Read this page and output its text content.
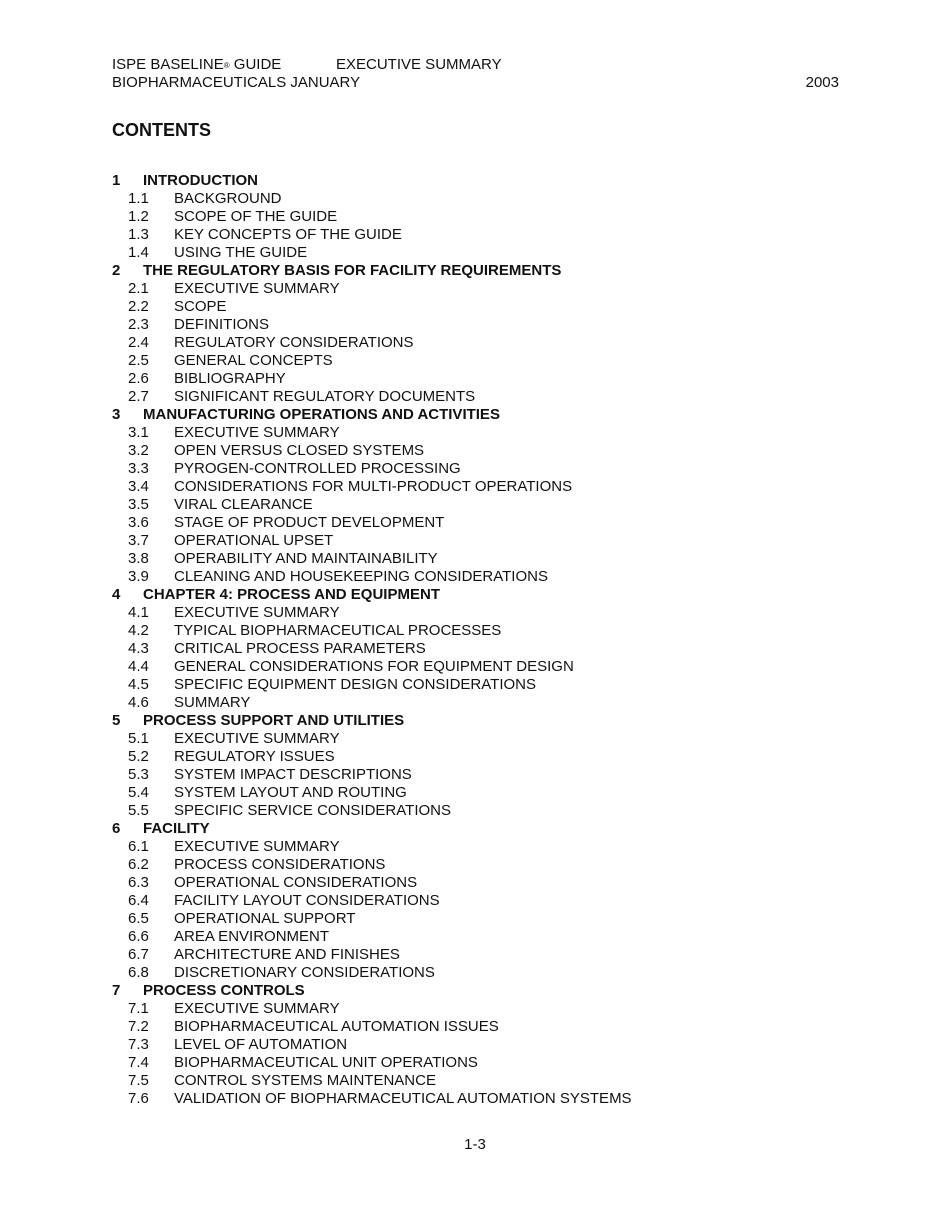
ISPE BASELINE® GUIDE	EXECUTIVE SUMMARY
BIOPHARMACEUTICALS JANUARY	2003
CONTENTS
1 INTRODUCTION
1.1 BACKGROUND
1.2 SCOPE OF THE GUIDE
1.3 KEY CONCEPTS OF THE GUIDE
1.4 USING THE GUIDE
2 THE REGULATORY BASIS FOR FACILITY REQUIREMENTS
2.1 EXECUTIVE SUMMARY
2.2 SCOPE
2.3 DEFINITIONS
2.4 REGULATORY CONSIDERATIONS
2.5 GENERAL CONCEPTS
2.6 BIBLIOGRAPHY
2.7 SIGNIFICANT REGULATORY DOCUMENTS
3 MANUFACTURING OPERATIONS AND ACTIVITIES
3.1 EXECUTIVE SUMMARY
3.2 OPEN VERSUS CLOSED SYSTEMS
3.3 PYROGEN-CONTROLLED PROCESSING
3.4 CONSIDERATIONS FOR MULTI-PRODUCT OPERATIONS
3.5 VIRAL CLEARANCE
3.6 STAGE OF PRODUCT DEVELOPMENT
3.7 OPERATIONAL UPSET
3.8 OPERABILITY AND MAINTAINABILITY
3.9 CLEANING AND HOUSEKEEPING CONSIDERATIONS
4 CHAPTER 4: PROCESS AND EQUIPMENT
4.1 EXECUTIVE SUMMARY
4.2 TYPICAL BIOPHARMACEUTICAL PROCESSES
4.3 CRITICAL PROCESS PARAMETERS
4.4 GENERAL CONSIDERATIONS FOR EQUIPMENT DESIGN
4.5 SPECIFIC EQUIPMENT DESIGN CONSIDERATIONS
4.6 SUMMARY
5 PROCESS SUPPORT AND UTILITIES
5.1 EXECUTIVE SUMMARY
5.2 REGULATORY ISSUES
5.3 SYSTEM IMPACT DESCRIPTIONS
5.4 SYSTEM LAYOUT AND ROUTING
5.5 SPECIFIC SERVICE CONSIDERATIONS
6 FACILITY
6.1 EXECUTIVE SUMMARY
6.2 PROCESS CONSIDERATIONS
6.3 OPERATIONAL CONSIDERATIONS
6.4 FACILITY LAYOUT CONSIDERATIONS
6.5 OPERATIONAL SUPPORT
6.6 AREA ENVIRONMENT
6.7 ARCHITECTURE AND FINISHES
6.8 DISCRETIONARY CONSIDERATIONS
7 PROCESS CONTROLS
7.1 EXECUTIVE SUMMARY
7.2 BIOPHARMACEUTICAL AUTOMATION ISSUES
7.3 LEVEL OF AUTOMATION
7.4 BIOPHARMACEUTICAL UNIT OPERATIONS
7.5 CONTROL SYSTEMS MAINTENANCE
7.6 VALIDATION OF BIOPHARMACEUTICAL AUTOMATION SYSTEMS
1-3
